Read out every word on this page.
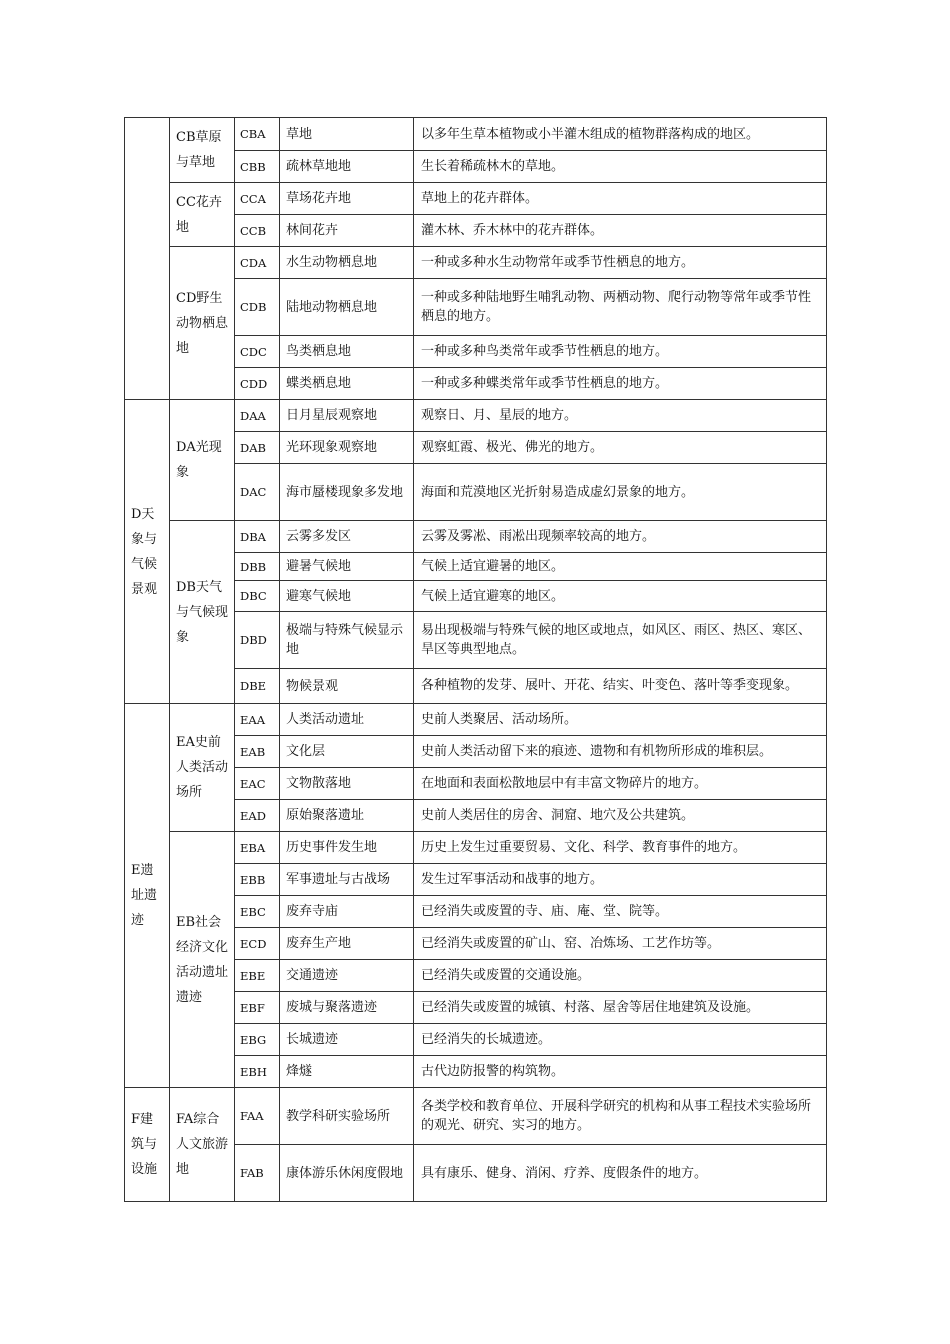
	CB草原与草地	CBA	草地	以多年生草本植物或小半灌木组成的植物群落构成的地区。
		CBB	疏林草地地	生长着稀疏林木的草地。
	CC花卉地	CCA	草场花卉地	草地上的花卉群体。
		CCB	林间花卉	灌木林、乔木林中的花卉群体。
	CD野生动物栖息地	CDA	水生动物栖息地	一种或多种水生动物常年或季节性栖息的地方。
		CDB	陆地动物栖息地	一种或多种陆地野生哺乳动物、两栖动物、爬行动物等常年或季节性栖息的地方。
		CDC	鸟类栖息地	一种或多种鸟类常年或季节性栖息的地方。
		CDD	蝶类栖息地	一种或多种蝶类常年或季节性栖息的地方。
D天象与气候景观	DA光现象	DAA	日月星辰观察地	观察日、月、星辰的地方。
		DAB	光环现象观察地	观察虹霞、极光、佛光的地方。
		DAC	海市蜃楼现象多发地	海面和荒漠地区光折射易造成虚幻景象的地方。
	DB天气与气候现象	DBA	云雾多发区	云雾及雾凇、雨凇出现频率较高的地方。
		DBB	避暑气候地	气候上适宜避暑的地区。
		DBC	避寒气候地	气候上适宜避寒的地区。
		DBD	极端与特殊气候显示地	易出现极端与特殊气候的地区或地点，如风区、雨区、热区、寒区、旱区等典型地点。
		DBE	物候景观	各种植物的发芽、展叶、开花、结实、叶变色、落叶等季变现象。
E遗址遗迹	EA史前人类活动场所	EAA	人类活动遗址	史前人类聚居、活动场所。
		EAB	文化层	史前人类活动留下来的痕迹、遗物和有机物所形成的堆积层。
		EAC	文物散落地	在地面和表面松散地层中有丰富文物碎片的地方。
		EAD	原始聚落遗址	史前人类居住的房舍、洞窟、地穴及公共建筑。
	EB社会经济文化活动遗址遗迹	EBA	历史事件发生地	历史上发生过重要贸易、文化、科学、教育事件的地方。
		EBB	军事遗址与古战场	发生过军事活动和战事的地方。
		EBC	废弃寺庙	已经消失或废置的寺、庙、庵、堂、院等。
		ECD	废弃生产地	已经消失或废置的矿山、窑、冶炼场、工艺作坊等。
		EBE	交通遗迹	已经消失或废置的交通设施。
		EBF	废城与聚落遗迹	已经消失或废置的城镇、村落、屋舍等居住地建筑及设施。
		EBG	长城遗迹	已经消失的长城遗迹。
		EBH	烽燧	古代边防报警的构筑物。
F建筑与设施	FA综合人文旅游地	FAA	教学科研实验场所	各类学校和教育单位、开展科学研究的机构和从事工程技术实验场所的观光、研究、实习的地方。
		FAB	康体游乐休闲度假地	具有康乐、健身、消闲、疗养、度假条件的地方。
